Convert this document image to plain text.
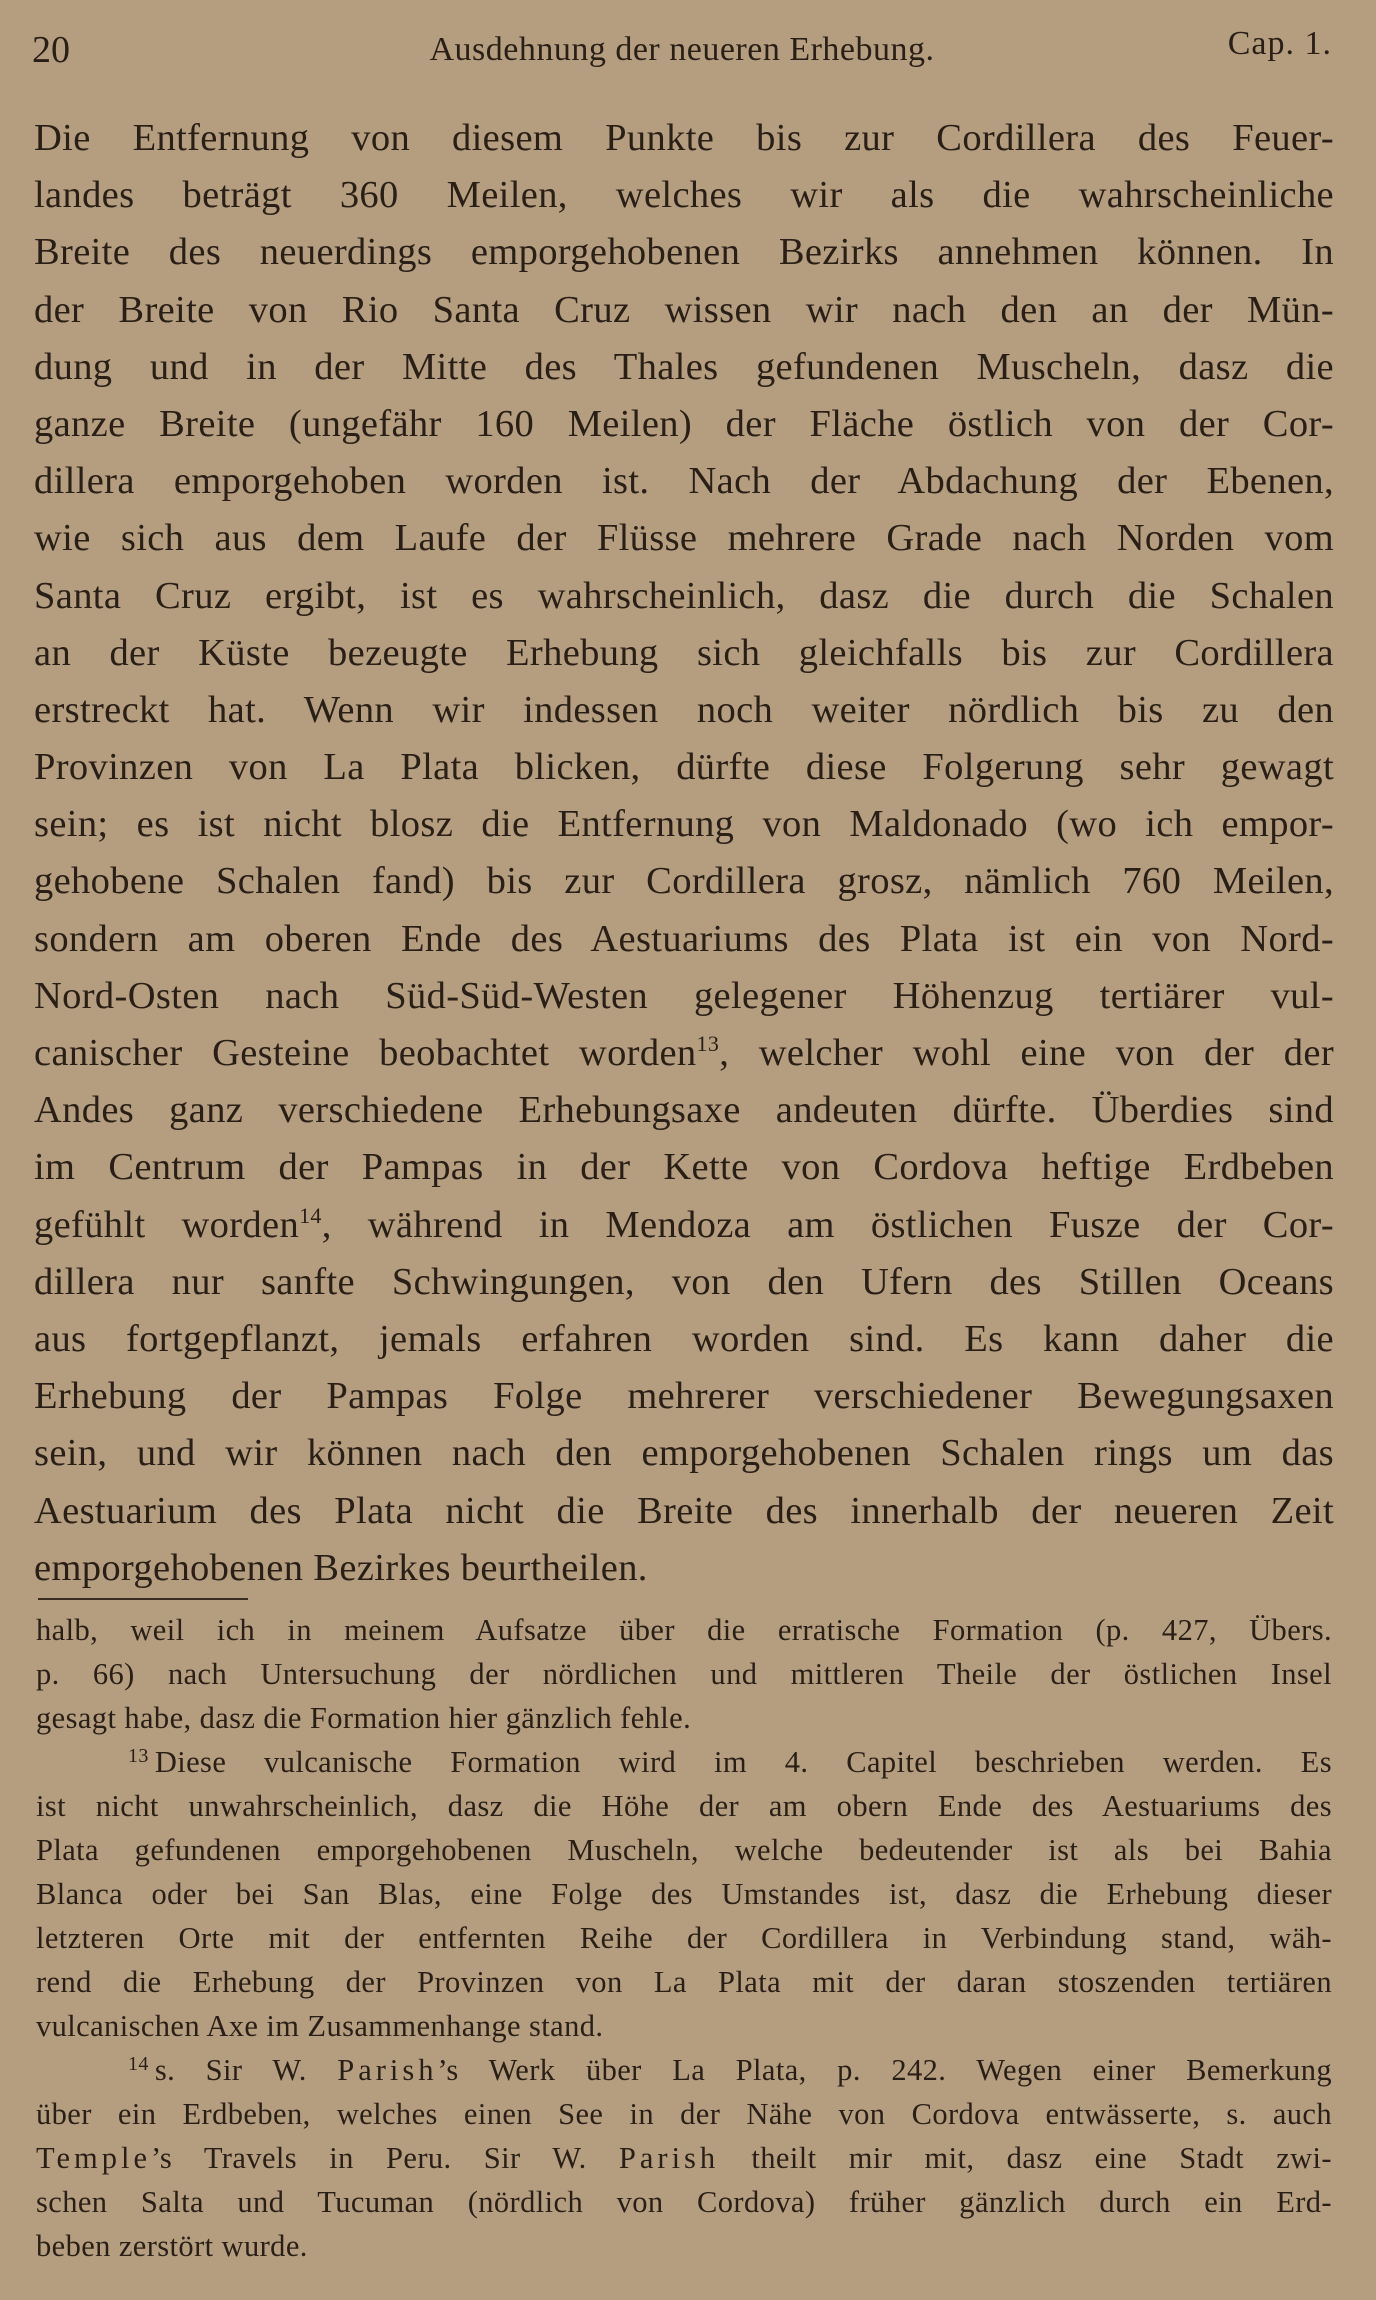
20	Ausdehnung der neueren Erhebung.	Cap. 1.
Die Entfernung von diesem Punkte bis zur Cordillera des Feuer-
landes beträgt 360 Meilen, welches wir als die wahrscheinliche
Breite des neuerdings emporgehobenen Bezirks annehmen können. In
der Breite von Rio Santa Cruz wissen wir nach den an der Mün-
dung und in der Mitte des Thales gefundenen Muscheln, dasz die
ganze Breite (ungefähr 160 Meilen) der Fläche östlich von der Cor-
dillera emporgehoben worden ist. Nach der Abdachung der Ebenen,
wie sich aus dem Laufe der Flüsse mehrere Grade nach Norden vom
Santa Cruz ergibt, ist es wahrscheinlich, dasz die durch die Schalen
an der Küste bezeugte Erhebung sich gleichfalls bis zur Cordillera
erstreckt hat. Wenn wir indessen noch weiter nördlich bis zu den
Provinzen von La Plata blicken, dürfte diese Folgerung sehr gewagt
sein; es ist nicht blosz die Entfernung von Maldonado (wo ich empor-
gehobene Schalen fand) bis zur Cordillera grosz, nämlich 760 Meilen,
sondern am oberen Ende des Aestuariums des Plata ist ein von Nord-
Nord-Osten nach Süd-Süd-Westen gelegener Höhenzug tertiärer vul-
canischer Gesteine beobachtet worden$^{13}$, welcher wohl eine von der der
Andes ganz verschiedene Erhebungsaxe andeuten dürfte. Überdies sind
im Centrum der Pampas in der Kette von Cordova heftige Erdbeben
gefühlt worden$^{14}$, während in Mendoza am östlichen Fusze der Cor-
dillera nur sanfte Schwingungen, von den Ufern des Stillen Oceans
aus fortgepflanzt, jemals erfahren worden sind. Es kann daher die
Erhebung der Pampas Folge mehrerer verschiedener Bewegungsaxen
sein, und wir können nach den emporgehobenen Schalen rings um das
Aestuarium des Plata nicht die Breite des innerhalb der neueren Zeit
emporgehobenen Bezirkes beurtheilen.
halb, weil ich in meinem Aufsatze über die erratische Formation (p. 427, Übers.
p. 66) nach Untersuchung der nördlichen und mittleren Theile der östlichen Insel
gesagt habe, dasz die Formation hier gänzlich fehle.
$^{13}$ Diese vulcanische Formation wird im 4. Capitel beschrieben werden. Es
ist nicht unwahrscheinlich, dasz die Höhe der am obern Ende des Aestuariums des
Plata gefundenen emporgehobenen Muscheln, welche bedeutender ist als bei Bahia
Blanca oder bei San Blas, eine Folge des Umstandes ist, dasz die Erhebung dieser
letzteren Orte mit der entfernten Reihe der Cordillera in Verbindung stand, wäh-
rend die Erhebung der Provinzen von La Plata mit der daran stoszenden tertiären
vulcanischen Axe im Zusammenhange stand.
$^{14}$ s. Sir W. Parish’s Werk über La Plata, p. 242. Wegen einer Bemerkung
über ein Erdbeben, welches einen See in der Nähe von Cordova entwässerte, s. auch
Temple’s Travels in Peru. Sir W. Parish theilt mir mit, dasz eine Stadt zwi-
schen Salta und Tucuman (nördlich von Cordova) früher gänzlich durch ein Erd-
beben zerstört wurde.
